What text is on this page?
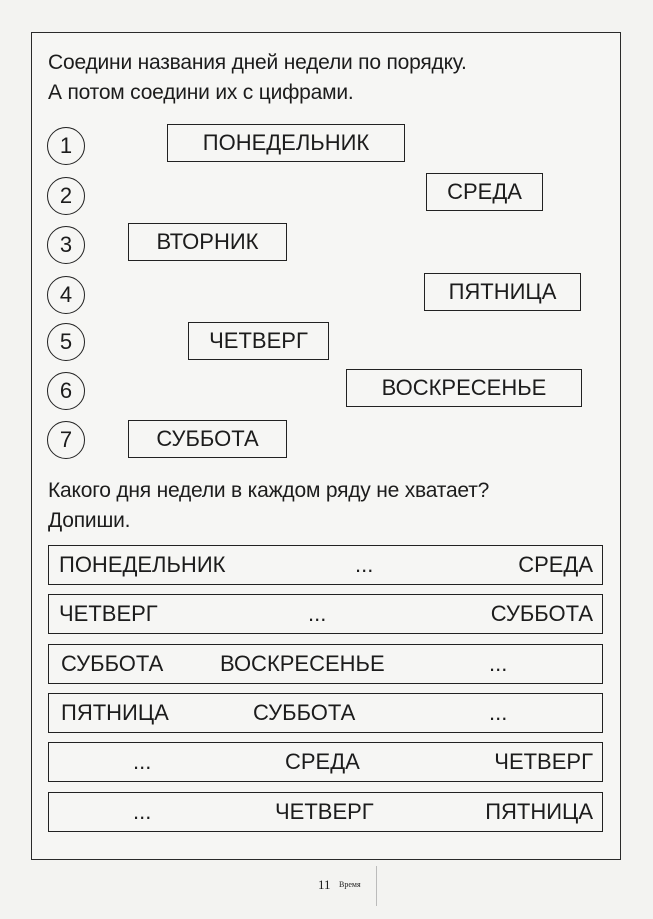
Соедини названия дней недели по порядку.
А потом соедини их с цифрами.
1
2
3
4
5
6
7
ПОНЕДЕЛЬНИК
СРЕДА
ВТОРНИК
ПЯТНИЦА
ЧЕТВЕРГ
ВОСКРЕСЕНЬЕ
СУББОТА
Какого дня недели в каждом ряду не хватает?
Допиши.
ПОНЕДЕЛЬНИК	...	СРЕДА
ЧЕТВЕРГ	...	СУББОТА
СУББОТА	ВОСКРЕСЕНЬЕ	...
ПЯТНИЦА	СУББОТА	...
...	СРЕДА	ЧЕТВЕРГ
...	ЧЕТВЕРГ	ПЯТНИЦА
11 Время
